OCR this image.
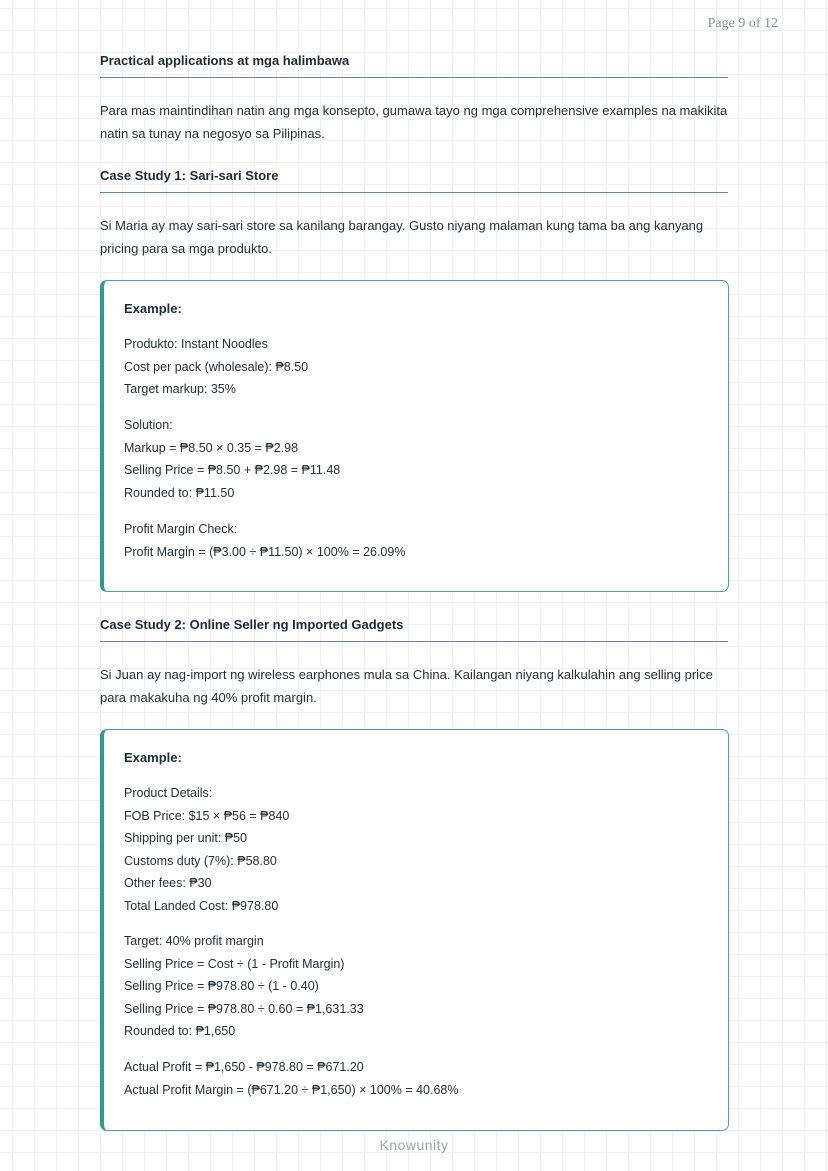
Page 9 of 12
Practical applications at mga halimbawa
Para mas maintindihan natin ang mga konsepto, gumawa tayo ng mga comprehensive examples na makikita natin sa tunay na negosyo sa Pilipinas.
Case Study 1: Sari-sari Store
Si Maria ay may sari-sari store sa kanilang barangay. Gusto niyang malaman kung tama ba ang kanyang pricing para sa mga produkto.
Example:
Produkto: Instant Noodles
Cost per pack (wholesale): ₱8.50
Target markup: 35%
Solution:
Markup = ₱8.50 × 0.35 = ₱2.98
Selling Price = ₱8.50 + ₱2.98 = ₱11.48
Rounded to: ₱11.50
Profit Margin Check:
Profit Margin = (₱3.00 ÷ ₱11.50) × 100% = 26.09%
Case Study 2: Online Seller ng Imported Gadgets
Si Juan ay nag-import ng wireless earphones mula sa China. Kailangan niyang kalkulahin ang selling price para makakuha ng 40% profit margin.
Example:
Product Details:
FOB Price: $15 × ₱56 = ₱840
Shipping per unit: ₱50
Customs duty (7%): ₱58.80
Other fees: ₱30
Total Landed Cost: ₱978.80
Target: 40% profit margin
Selling Price = Cost ÷ (1 - Profit Margin)
Selling Price = ₱978.80 ÷ (1 - 0.40)
Selling Price = ₱978.80 ÷ 0.60 = ₱1,631.33
Rounded to: ₱1,650
Actual Profit = ₱1,650 - ₱978.80 = ₱671.20
Actual Profit Margin = (₱671.20 ÷ ₱1,650) × 100% = 40.68%
Knowunity
